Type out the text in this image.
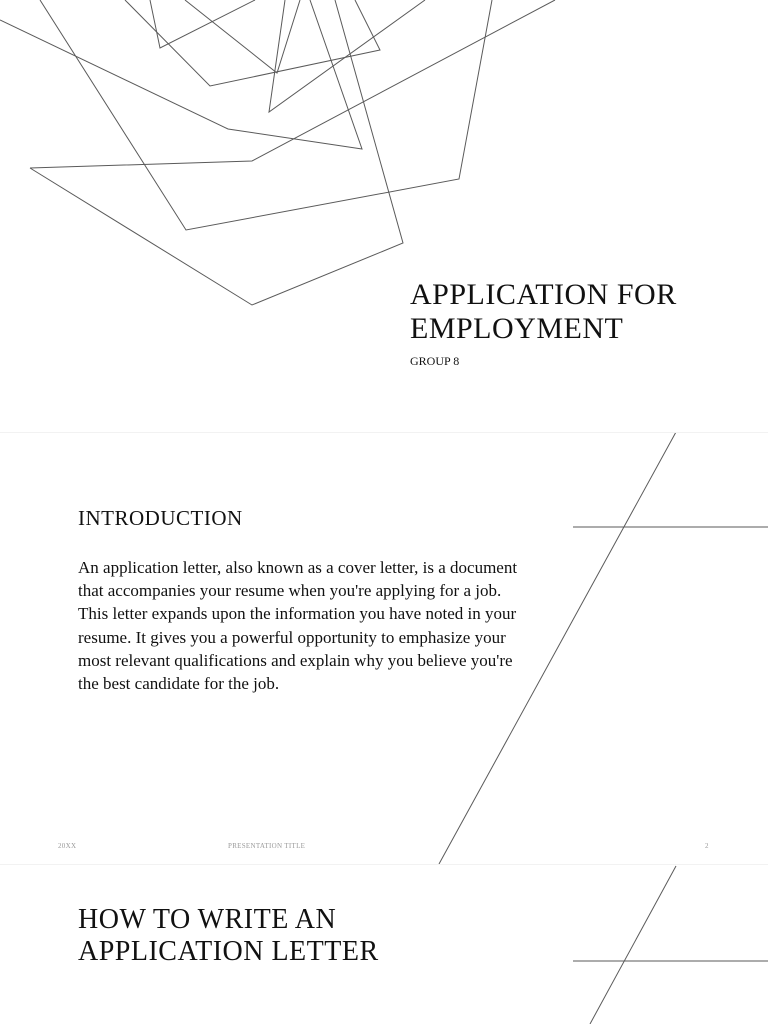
APPLICATION FOR EMPLOYMENT
GROUP 8
INTRODUCTION

An application letter, also known as a cover letter, is a document that accompanies your resume when you're applying for a job. This letter expands upon the information you have noted in your resume. It gives you a powerful opportunity to emphasize your most relevant qualifications and explain why you believe you're the best candidate for the job.

20XX	PRESENTATION TITLE	2
HOW TO WRITE AN APPLICATION LETTER
